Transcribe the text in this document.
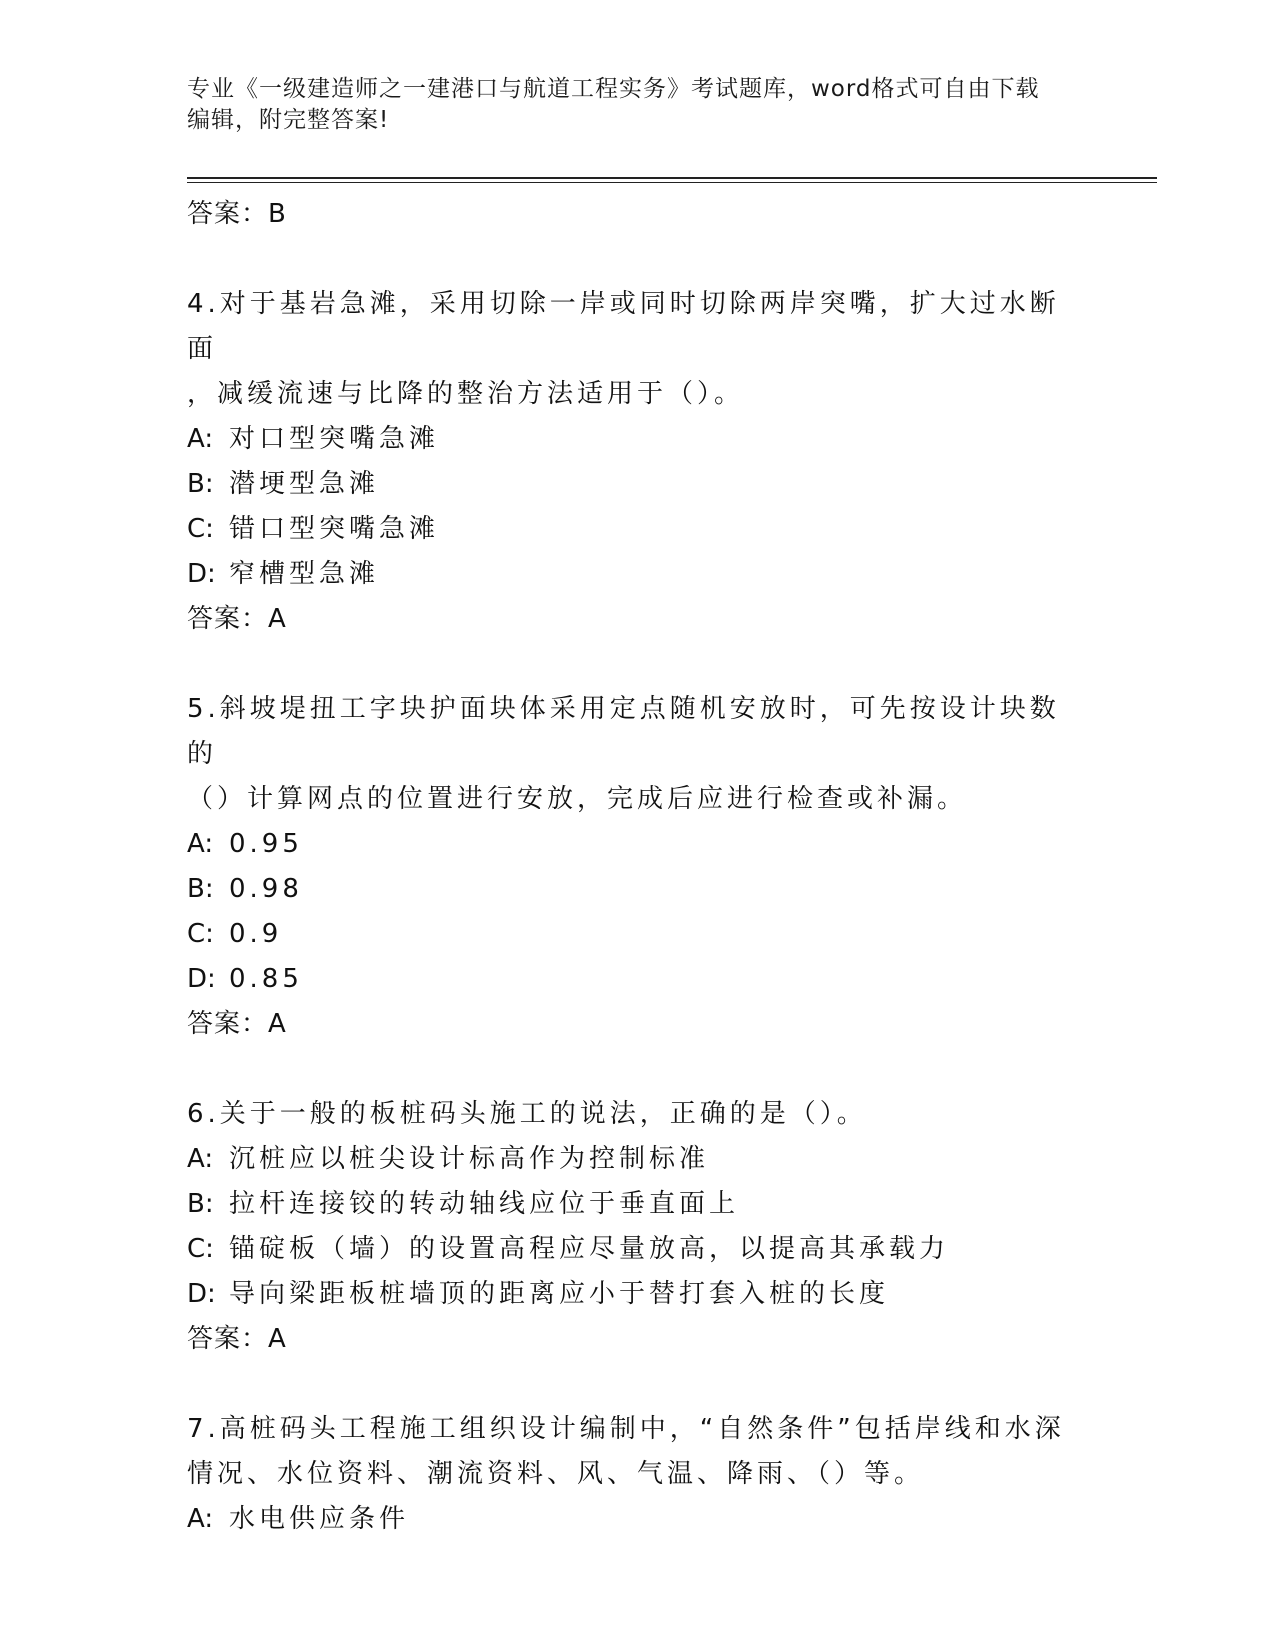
专业《一级建造师之一建港口与航道工程实务》考试题库，word格式可自由下载
编辑，附完整答案!
答案：B
4.对于基岩急滩，采用切除一岸或同时切除两岸突嘴，扩大过水断面
，减缓流速与比降的整治方法适用于（）。
A: 对口型突嘴急滩
B: 潜埂型急滩
C: 错口型突嘴急滩
D: 窄槽型急滩
答案：A
5.斜坡堤扭工字块护面块体采用定点随机安放时，可先按设计块数的
（）计算网点的位置进行安放，完成后应进行检查或补漏。
A: 0.95
B: 0.98
C: 0.9
D: 0.85
答案：A
6.关于一般的板桩码头施工的说法，正确的是（）。
A: 沉桩应以桩尖设计标高作为控制标准
B: 拉杆连接铰的转动轴线应位于垂直面上
C: 锚碇板（墙）的设置高程应尽量放高，以提高其承载力
D: 导向梁距板桩墙顶的距离应小于替打套入桩的长度
答案：A
7.高桩码头工程施工组织设计编制中，“自然条件”包括岸线和水深
情况、水位资料、潮流资料、风、气温、降雨、（）等。
A: 水电供应条件
